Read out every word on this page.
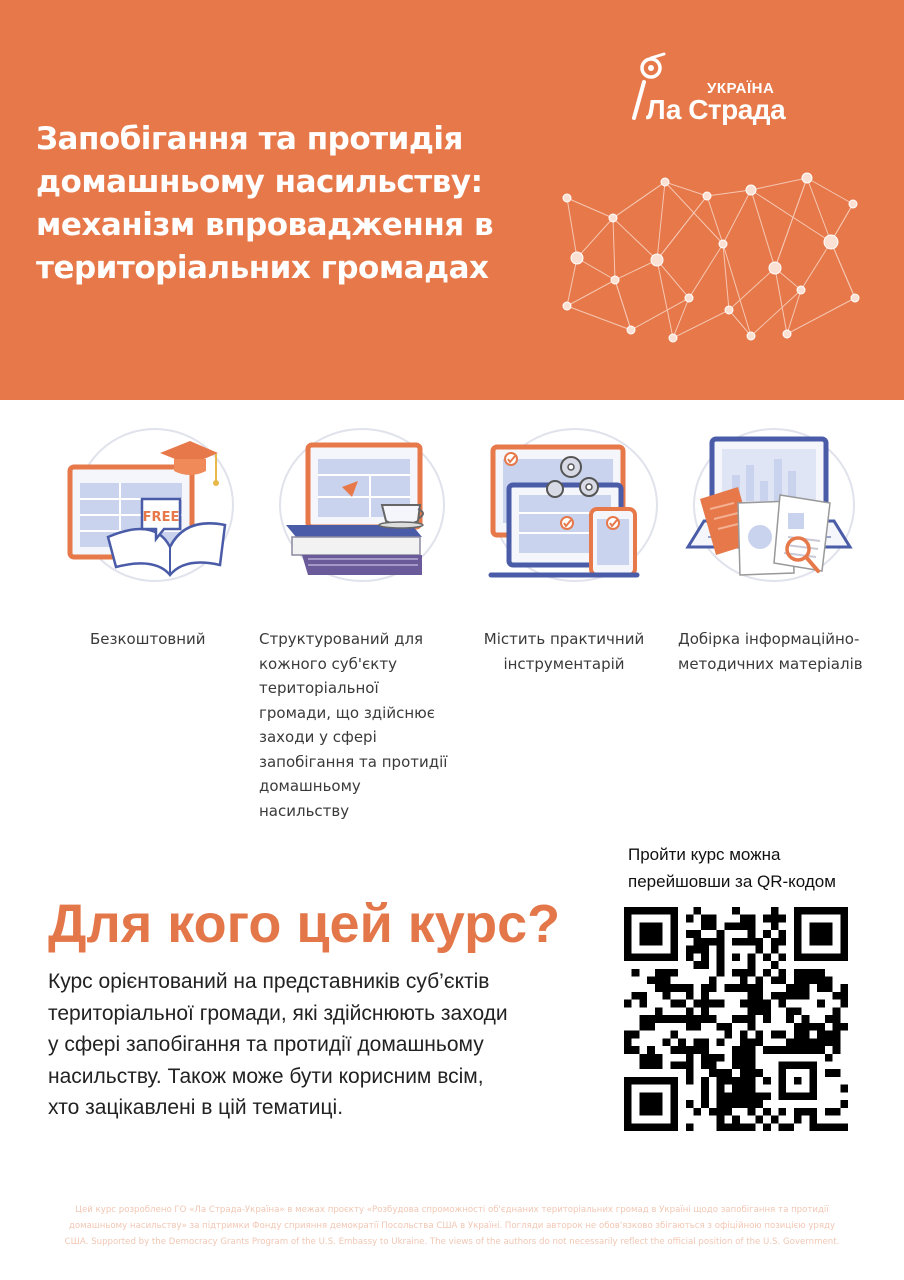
Запобігання та протидія
домашньому насильству:
механізм впровадження в
територіальних громадах
УКРАЇНА
Ла Страда
FREE
Безкоштовний	Структурований для
кожного суб'єкту
територіальної
громади, що здійснює
заходи у сфері
запобігання та протидії
домашньому
насильству
Містить практичний
інструментарій
Добірка інформаційно-
методичних матеріалів
Для кого цей курс?
Курс орієнтований на представників суб’єктів
територіальної громади, які здійснюють заходи
у сфері запобігання та протидії домашньому
насильству. Також може бути корисним всім,
хто зацікавлені в цій тематиці.
Пройти курс можна
перейшовши за QR-кодом
Цей курс розроблено ГО «Ла Страда-Україна» в межах проєкту «Розбудова спроможності об'єднаних територіальних громад в Україні щодо запобігання та протидії
домашньому насильству» за підтримки Фонду сприяння демократії Посольства США в Україні. Погляди авторок не обов'язково збігаються з офіційною позицією уряду
США. Supported by the Democracy Grants Program of the U.S. Embassy to Ukraine. The views of the authors do not necessarily reflect the official position of the U.S. Government.
